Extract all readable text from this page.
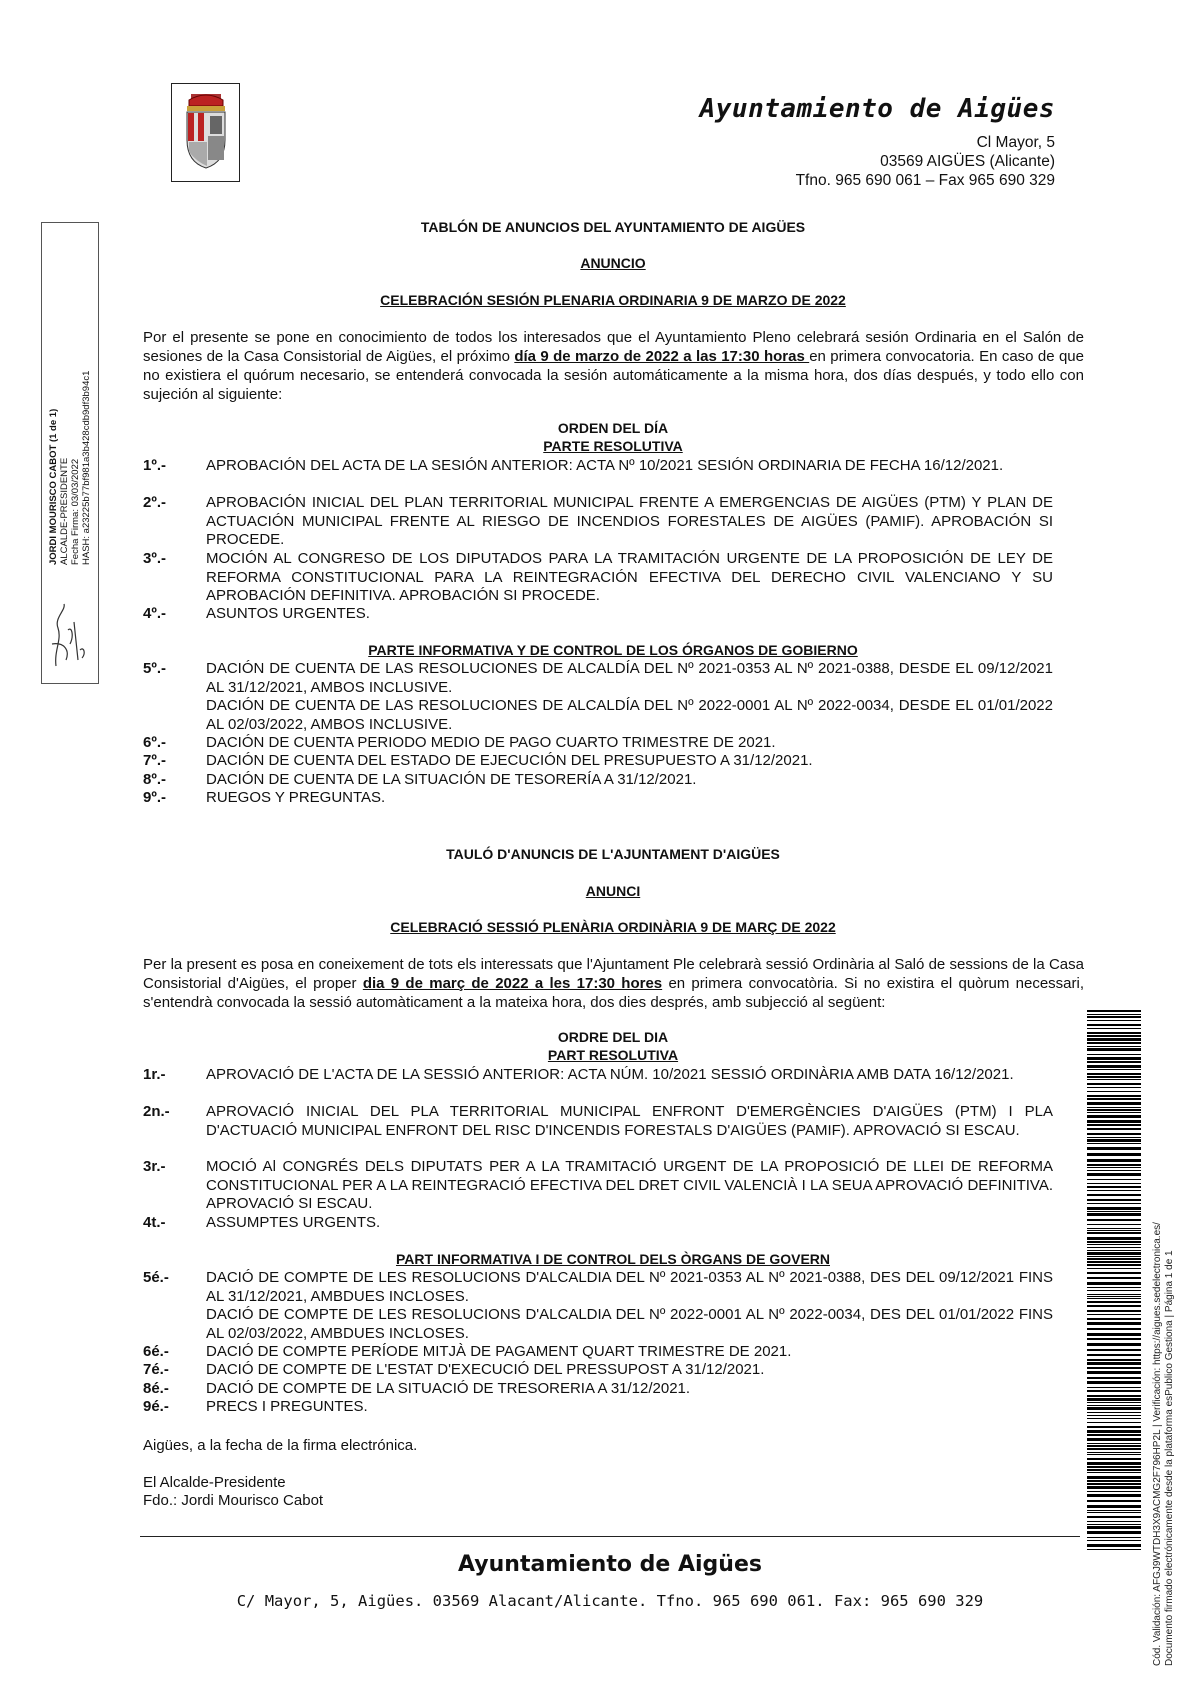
Ayuntamiento de Aigües
Cl Mayor, 5
03569 AIGÜES (Alicante)
Tfno. 965 690 061 – Fax 965 690 329
JORDI MOURISCO CABOT (1 de 1) ALCALDE-PRESIDENTE Fecha Firma: 03/03/2022 HASH: a23225b77bf981a3b428cdb9df3b94c1
Cód. Validación: AFGJ9WTDH3X9ACMG2F796HP2L | Verificación: https://aigues.sedelectronica.es/ Documento firmado electrónicamente desde la plataforma esPublico Gestiona | Página 1 de 1
TABLÓN DE ANUNCIOS DEL AYUNTAMIENTO DE AIGÜES
ANUNCIO
CELEBRACIÓN SESIÓN PLENARIA ORDINARIA 9 DE MARZO DE 2022
Por el presente se pone en conocimiento de todos los interesados que el Ayuntamiento Pleno celebrará sesión Ordinaria en el Salón de sesiones de la Casa Consistorial de Aigües, el próximo día 9 de marzo de 2022 a las 17:30 horas en primera convocatoria. En caso de que no existiera el quórum necesario, se entenderá convocada la sesión automáticamente a la misma hora, dos días después, y todo ello con sujeción al siguiente:
ORDEN DEL DÍA
PARTE RESOLUTIVA
1º.-	APROBACIÓN DEL ACTA DE LA SESIÓN ANTERIOR: ACTA Nº 10/2021 SESIÓN ORDINARIA DE FECHA 16/12/2021.
2º.-	APROBACIÓN INICIAL DEL PLAN TERRITORIAL MUNICIPAL FRENTE A EMERGENCIAS DE AIGÜES (PTM) Y PLAN DE ACTUACIÓN MUNICIPAL FRENTE AL RIESGO DE INCENDIOS FORESTALES DE AIGÜES (PAMIF). APROBACIÓN SI PROCEDE.
3º.-	MOCIÓN AL CONGRESO DE LOS DIPUTADOS PARA LA TRAMITACIÓN URGENTE DE LA PROPOSICIÓN DE LEY DE REFORMA CONSTITUCIONAL PARA LA REINTEGRACIÓN EFECTIVA DEL DERECHO CIVIL VALENCIANO Y SU APROBACIÓN DEFINITIVA. APROBACIÓN SI PROCEDE.
4º.-	ASUNTOS URGENTES.
PARTE INFORMATIVA Y DE CONTROL DE LOS ÓRGANOS DE GOBIERNO
5º.-	DACIÓN DE CUENTA DE LAS RESOLUCIONES DE ALCALDÍA DEL Nº 2021-0353 AL Nº 2021-0388, DESDE EL 09/12/2021 AL 31/12/2021, AMBOS INCLUSIVE.
DACIÓN DE CUENTA DE LAS RESOLUCIONES DE ALCALDÍA DEL Nº 2022-0001 AL Nº 2022-0034, DESDE EL 01/01/2022 AL 02/03/2022, AMBOS INCLUSIVE.
6º.-	DACIÓN DE CUENTA PERIODO MEDIO DE PAGO CUARTO TRIMESTRE DE 2021.
7º.-	DACIÓN DE CUENTA DEL ESTADO DE EJECUCIÓN DEL PRESUPUESTO A 31/12/2021.
8º.-	DACIÓN DE CUENTA DE LA SITUACIÓN DE TESORERÍA A 31/12/2021.
9º.-	RUEGOS Y PREGUNTAS.
TAULÓ D'ANUNCIS DE L'AJUNTAMENT D'AIGÜES
ANUNCI
CELEBRACIÓ SESSIÓ PLENÀRIA ORDINÀRIA 9 DE MARÇ DE 2022
Per la present es posa en coneixement de tots els interessats que l'Ajuntament Ple celebrarà sessió Ordinària al Saló de sessions de la Casa Consistorial d'Aigües, el proper dia 9 de març de 2022 a les 17:30 hores en primera convocatòria. Si no existira el quòrum necessari, s'entendrà convocada la sessió automàticament a la mateixa hora, dos dies després, amb subjecció al següent:
ORDRE DEL DIA
PART RESOLUTIVA
1r.-	APROVACIÓ DE L'ACTA DE LA SESSIÓ ANTERIOR: ACTA NÚM. 10/2021 SESSIÓ ORDINÀRIA AMB DATA 16/12/2021.
2n.- APROVACIÓ INICIAL DEL PLA TERRITORIAL MUNICIPAL ENFRONT D'EMERGÈNCIES D'AIGÜES (PTM) I PLA D'ACTUACIÓ MUNICIPAL ENFRONT DEL RISC D'INCENDIS FORESTALS D'AIGÜES (PAMIF). APROVACIÓ SI ESCAU.
3r.-	MOCIÓ Al CONGRÉS DELS DIPUTATS PER A LA TRAMITACIÓ URGENT DE LA PROPOSICIÓ DE LLEI DE REFORMA CONSTITUCIONAL PER A LA REINTEGRACIÓ EFECTIVA DEL DRET CIVIL VALENCIÀ I LA SEUA APROVACIÓ DEFINITIVA. APROVACIÓ SI ESCAU.
4t.-	ASSUMPTES URGENTS.
PART INFORMATIVA I DE CONTROL DELS ÒRGANS DE GOVERN
5é.- DACIÓ DE COMPTE DE LES RESOLUCIONS D'ALCALDIA DEL Nº 2021-0353 AL Nº 2021-0388, DES DEL 09/12/2021 FINS AL 31/12/2021, AMBDUES INCLOSES.
DACIÓ DE COMPTE DE LES RESOLUCIONS D'ALCALDIA DEL Nº 2022-0001 AL Nº 2022-0034, DES DEL 01/01/2022 FINS AL 02/03/2022, AMBDUES INCLOSES.
6é.- DACIÓ DE COMPTE PERÍODE MITJÀ DE PAGAMENT QUART TRIMESTRE DE 2021.
7é.- DACIÓ DE COMPTE DE L'ESTAT D'EXECUCIÓ DEL PRESSUPOST A 31/12/2021.
8é.- DACIÓ DE COMPTE DE LA SITUACIÓ DE TRESORERIA A 31/12/2021.
9é.- PRECS I PREGUNTES.
Aigües, a la fecha de la firma electrónica.
El Alcalde-Presidente
Fdo.: Jordi Mourisco Cabot
Ayuntamiento de Aigües
C/ Mayor, 5, Aigües. 03569 Alacant/Alicante. Tfno. 965 690 061. Fax: 965 690 329
